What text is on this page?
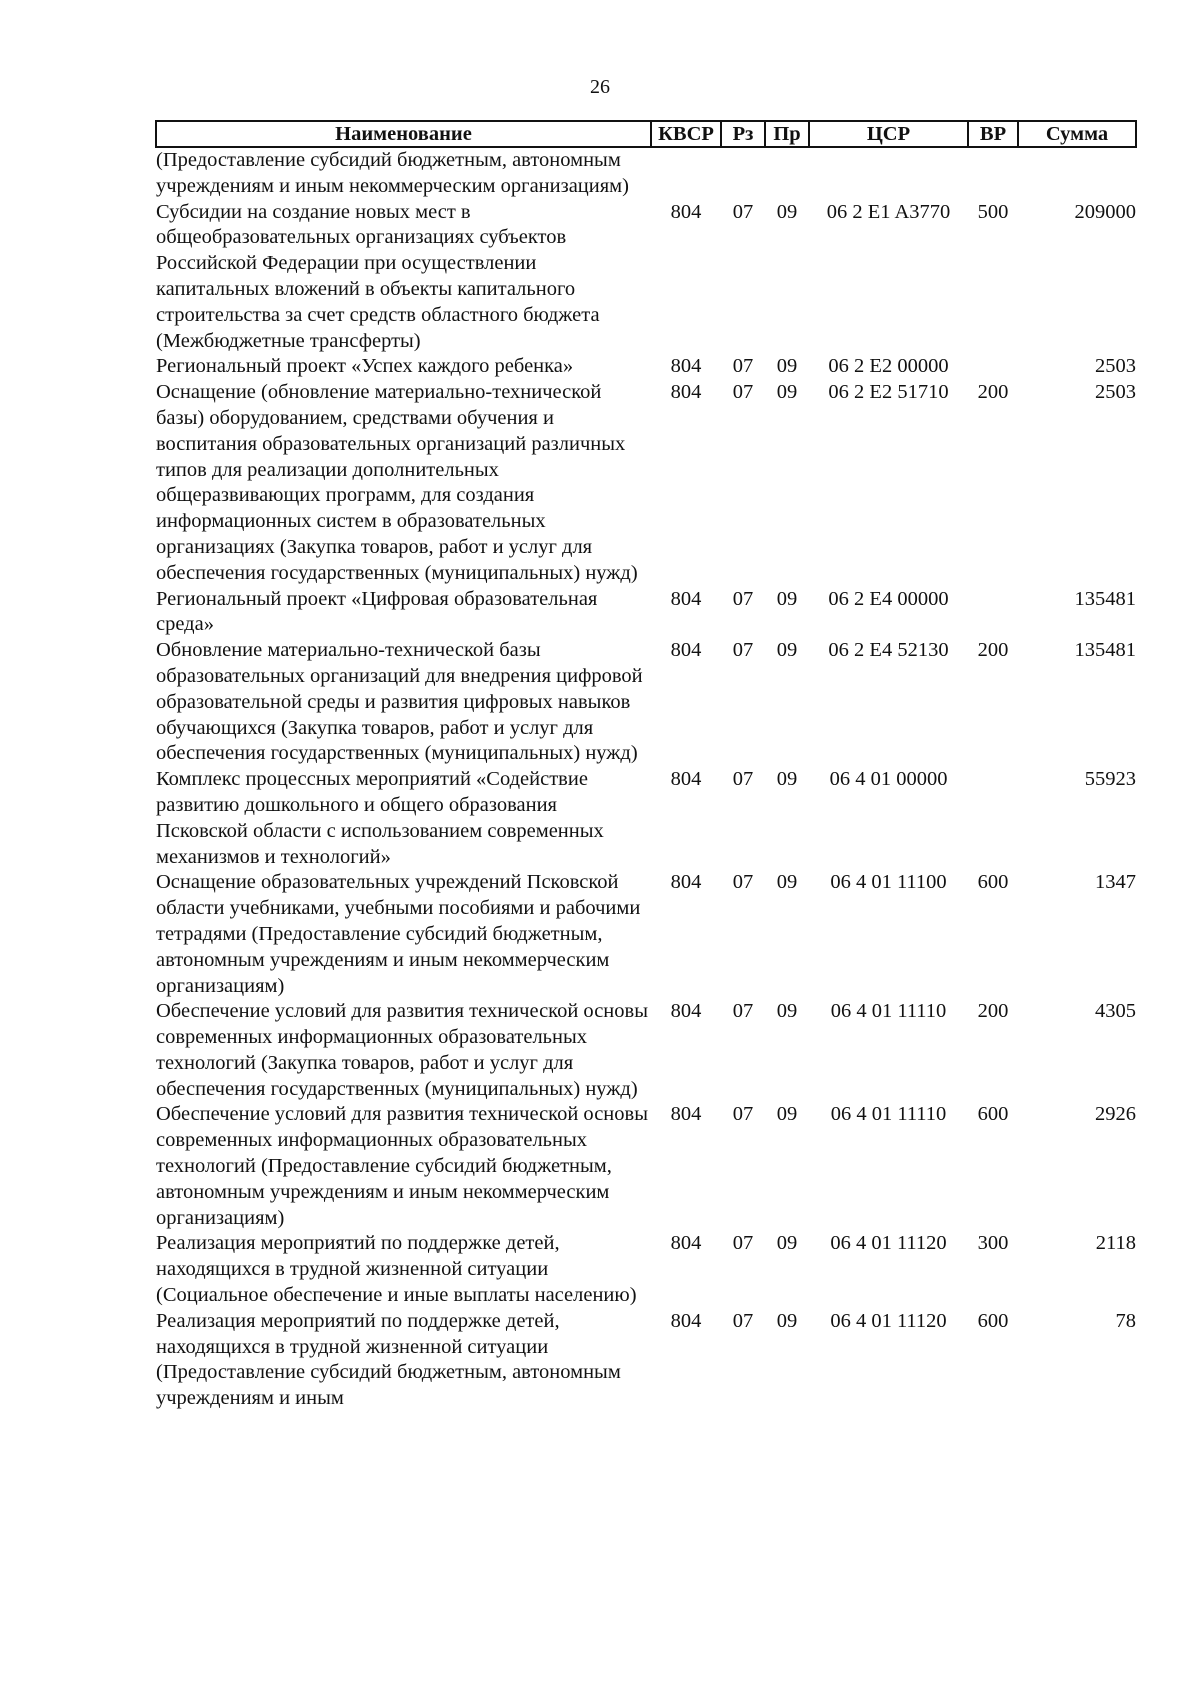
26
Наименование	КВСР	Рз	Пр	ЦСР	ВР	Сумма
(Предоставление субсидий бюджетным, автономным учреждениям и иным некоммерческим организациям)						
Субсидии на создание новых мест в общеобразовательных организациях субъектов Российской Федерации при осуществлении капитальных вложений в объекты капитального строительства за счет средств областного бюджета (Межбюджетные трансферты)	804	07	09	06 2 E1 A3770	500	209000
Региональный проект «Успех каждого ребенка»	804	07	09	06 2 E2 00000		2503
Оснащение (обновление материально-технической базы) оборудованием, средствами обучения и воспитания образовательных организаций различных типов для реализации дополнительных общеразвивающих программ, для создания информационных систем в образовательных организациях (Закупка товаров, работ и услуг для обеспечения государственных (муниципальных) нужд)	804	07	09	06 2 E2 51710	200	2503
Региональный проект «Цифровая образовательная среда»	804	07	09	06 2 E4 00000		135481
Обновление материально-технической базы образовательных организаций для внедрения цифровой образовательной среды и развития цифровых навыков обучающихся (Закупка товаров, работ и услуг для обеспечения государственных (муниципальных) нужд)	804	07	09	06 2 E4 52130	200	135481
Комплекс процессных мероприятий «Содействие развитию дошкольного и общего образования Псковской области с использованием современных механизмов и технологий»	804	07	09	06 4 01 00000		55923
Оснащение образовательных учреждений Псковской области учебниками, учебными пособиями и рабочими тетрадями (Предоставление субсидий бюджетным, автономным учреждениям и иным некоммерческим организациям)	804	07	09	06 4 01 11100	600	1347
Обеспечение условий для развития технической основы современных информационных образовательных технологий (Закупка товаров, работ и услуг для обеспечения государственных (муниципальных) нужд)	804	07	09	06 4 01 11110	200	4305
Обеспечение условий для развития технической основы современных информационных образовательных технологий (Предоставление субсидий бюджетным, автономным учреждениям и иным некоммерческим организациям)	804	07	09	06 4 01 11110	600	2926
Реализация мероприятий по поддержке детей, находящихся в трудной жизненной ситуации (Социальное обеспечение и иные выплаты населению)	804	07	09	06 4 01 11120	300	2118
Реализация мероприятий по поддержке детей, находящихся в трудной жизненной ситуации (Предоставление субсидий бюджетным, автономным учреждениям и иным	804	07	09	06 4 01 11120	600	78
